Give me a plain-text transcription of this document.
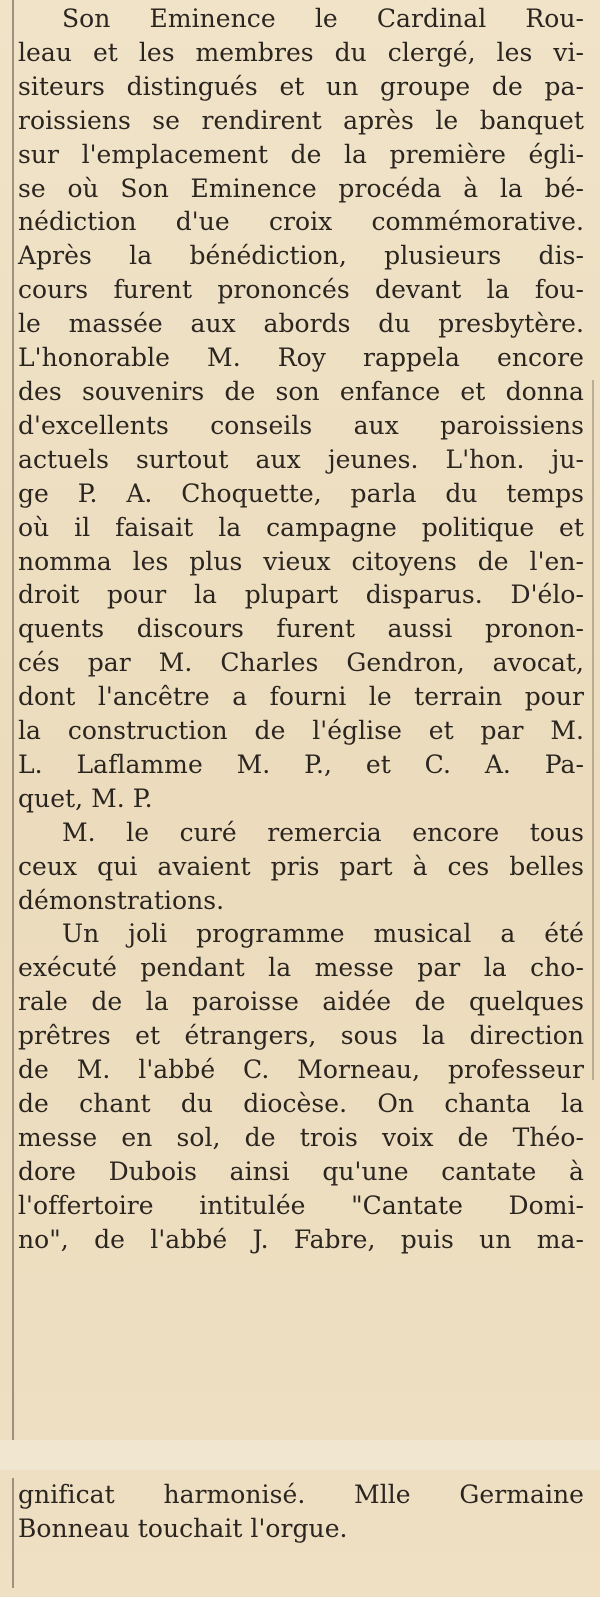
Son Eminence le Cardinal Rou-
leau et les membres du clergé, les vi-
siteurs distingués et un groupe de pa-
roissiens se rendirent après le banquet
sur l'emplacement de la première égli-
se où Son Eminence procéda à la bé-
nédiction d'ue croix commémorative.
Après la bénédiction, plusieurs dis-
cours furent prononcés devant la fou-
le massée aux abords du presbytère.
L'honorable M. Roy rappela encore
des souvenirs de son enfance et donna
d'excellents conseils aux paroissiens
actuels surtout aux jeunes. L'hon. ju-
ge P. A. Choquette, parla du temps
où il faisait la campagne politique et
nomma les plus vieux citoyens de l'en-
droit pour la plupart disparus. D'élo-
quents discours furent aussi pronon-
cés par M. Charles Gendron, avocat,
dont l'ancêtre a fourni le terrain pour
la construction de l'église et par M.
L. Laflamme M. P., et C. A. Pa-
quet, M. P.
M. le curé remercia encore tous
ceux qui avaient pris part à ces belles
démonstrations.
Un joli programme musical a été
exécuté pendant la messe par la cho-
rale de la paroisse aidée de quelques
prêtres et étrangers, sous la direction
de M. l'abbé C. Morneau, professeur
de chant du diocèse. On chanta la
messe en sol, de trois voix de Théo-
dore Dubois ainsi qu'une cantate à
l'offertoire intitulée "Cantate Domi-
no", de l'abbé J. Fabre, puis un ma-
gnificat harmonisé. Mlle Germaine
Bonneau touchait l'orgue.
